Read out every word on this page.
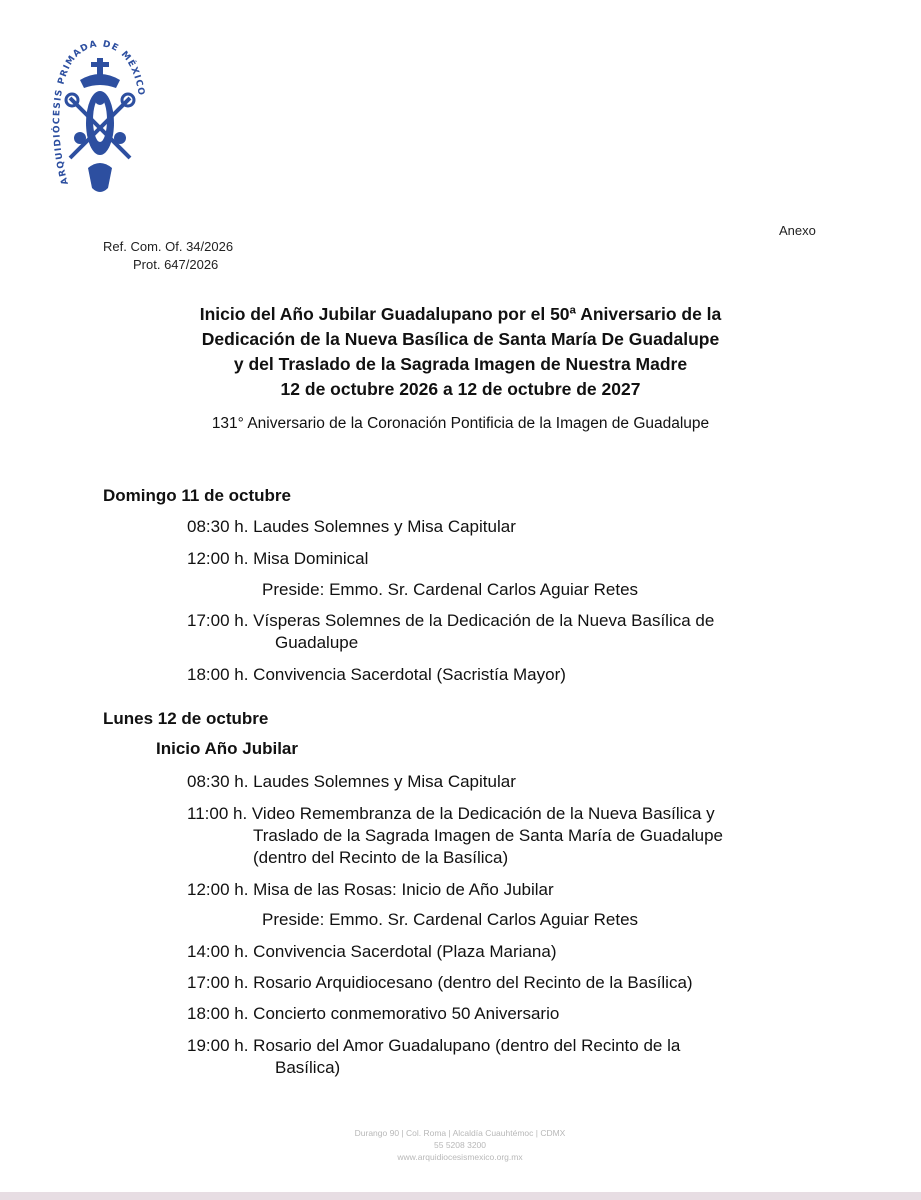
ARQUIDIÓCESIS PRIMADA DE MÉXICO
Anexo
Ref. Com. Of. 34/2026
Prot. 647/2026
Inicio del Año Jubilar Guadalupano por el 50ª Aniversario de la
Dedicación de la Nueva Basílica de Santa María De Guadalupe
y del Traslado de la Sagrada Imagen de Nuestra Madre
12 de octubre 2026 a 12 de octubre de 2027
131° Aniversario de la Coronación Pontificia de la Imagen de Guadalupe
Domingo 11 de octubre
08:30 h. Laudes Solemnes y Misa Capitular
12:00 h. Misa Dominical
Preside: Emmo. Sr. Cardenal Carlos Aguiar Retes
17:00 h. Vísperas Solemnes de la Dedicación de la Nueva Basílica de
Guadalupe
18:00 h. Convivencia Sacerdotal (Sacristía Mayor)
Lunes 12 de octubre
Inicio Año Jubilar
08:30 h. Laudes Solemnes y Misa Capitular
11:00 h. Video Remembranza de la Dedicación de la Nueva Basílica y
Traslado de la Sagrada Imagen de Santa María de Guadalupe
(dentro del Recinto de la Basílica)
12:00 h. Misa de las Rosas: Inicio de Año Jubilar
Preside: Emmo. Sr. Cardenal Carlos Aguiar Retes
14:00 h. Convivencia Sacerdotal (Plaza Mariana)
17:00 h. Rosario Arquidiocesano (dentro del Recinto de la Basílica)
18:00 h. Concierto conmemorativo 50 Aniversario
19:00 h. Rosario del Amor Guadalupano (dentro del Recinto de la
Basílica)
Durango 90 | Col. Roma | Alcaldía Cuauhtémoc | CDMX
55 5208 3200
www.arquidiocesismexico.org.mx
